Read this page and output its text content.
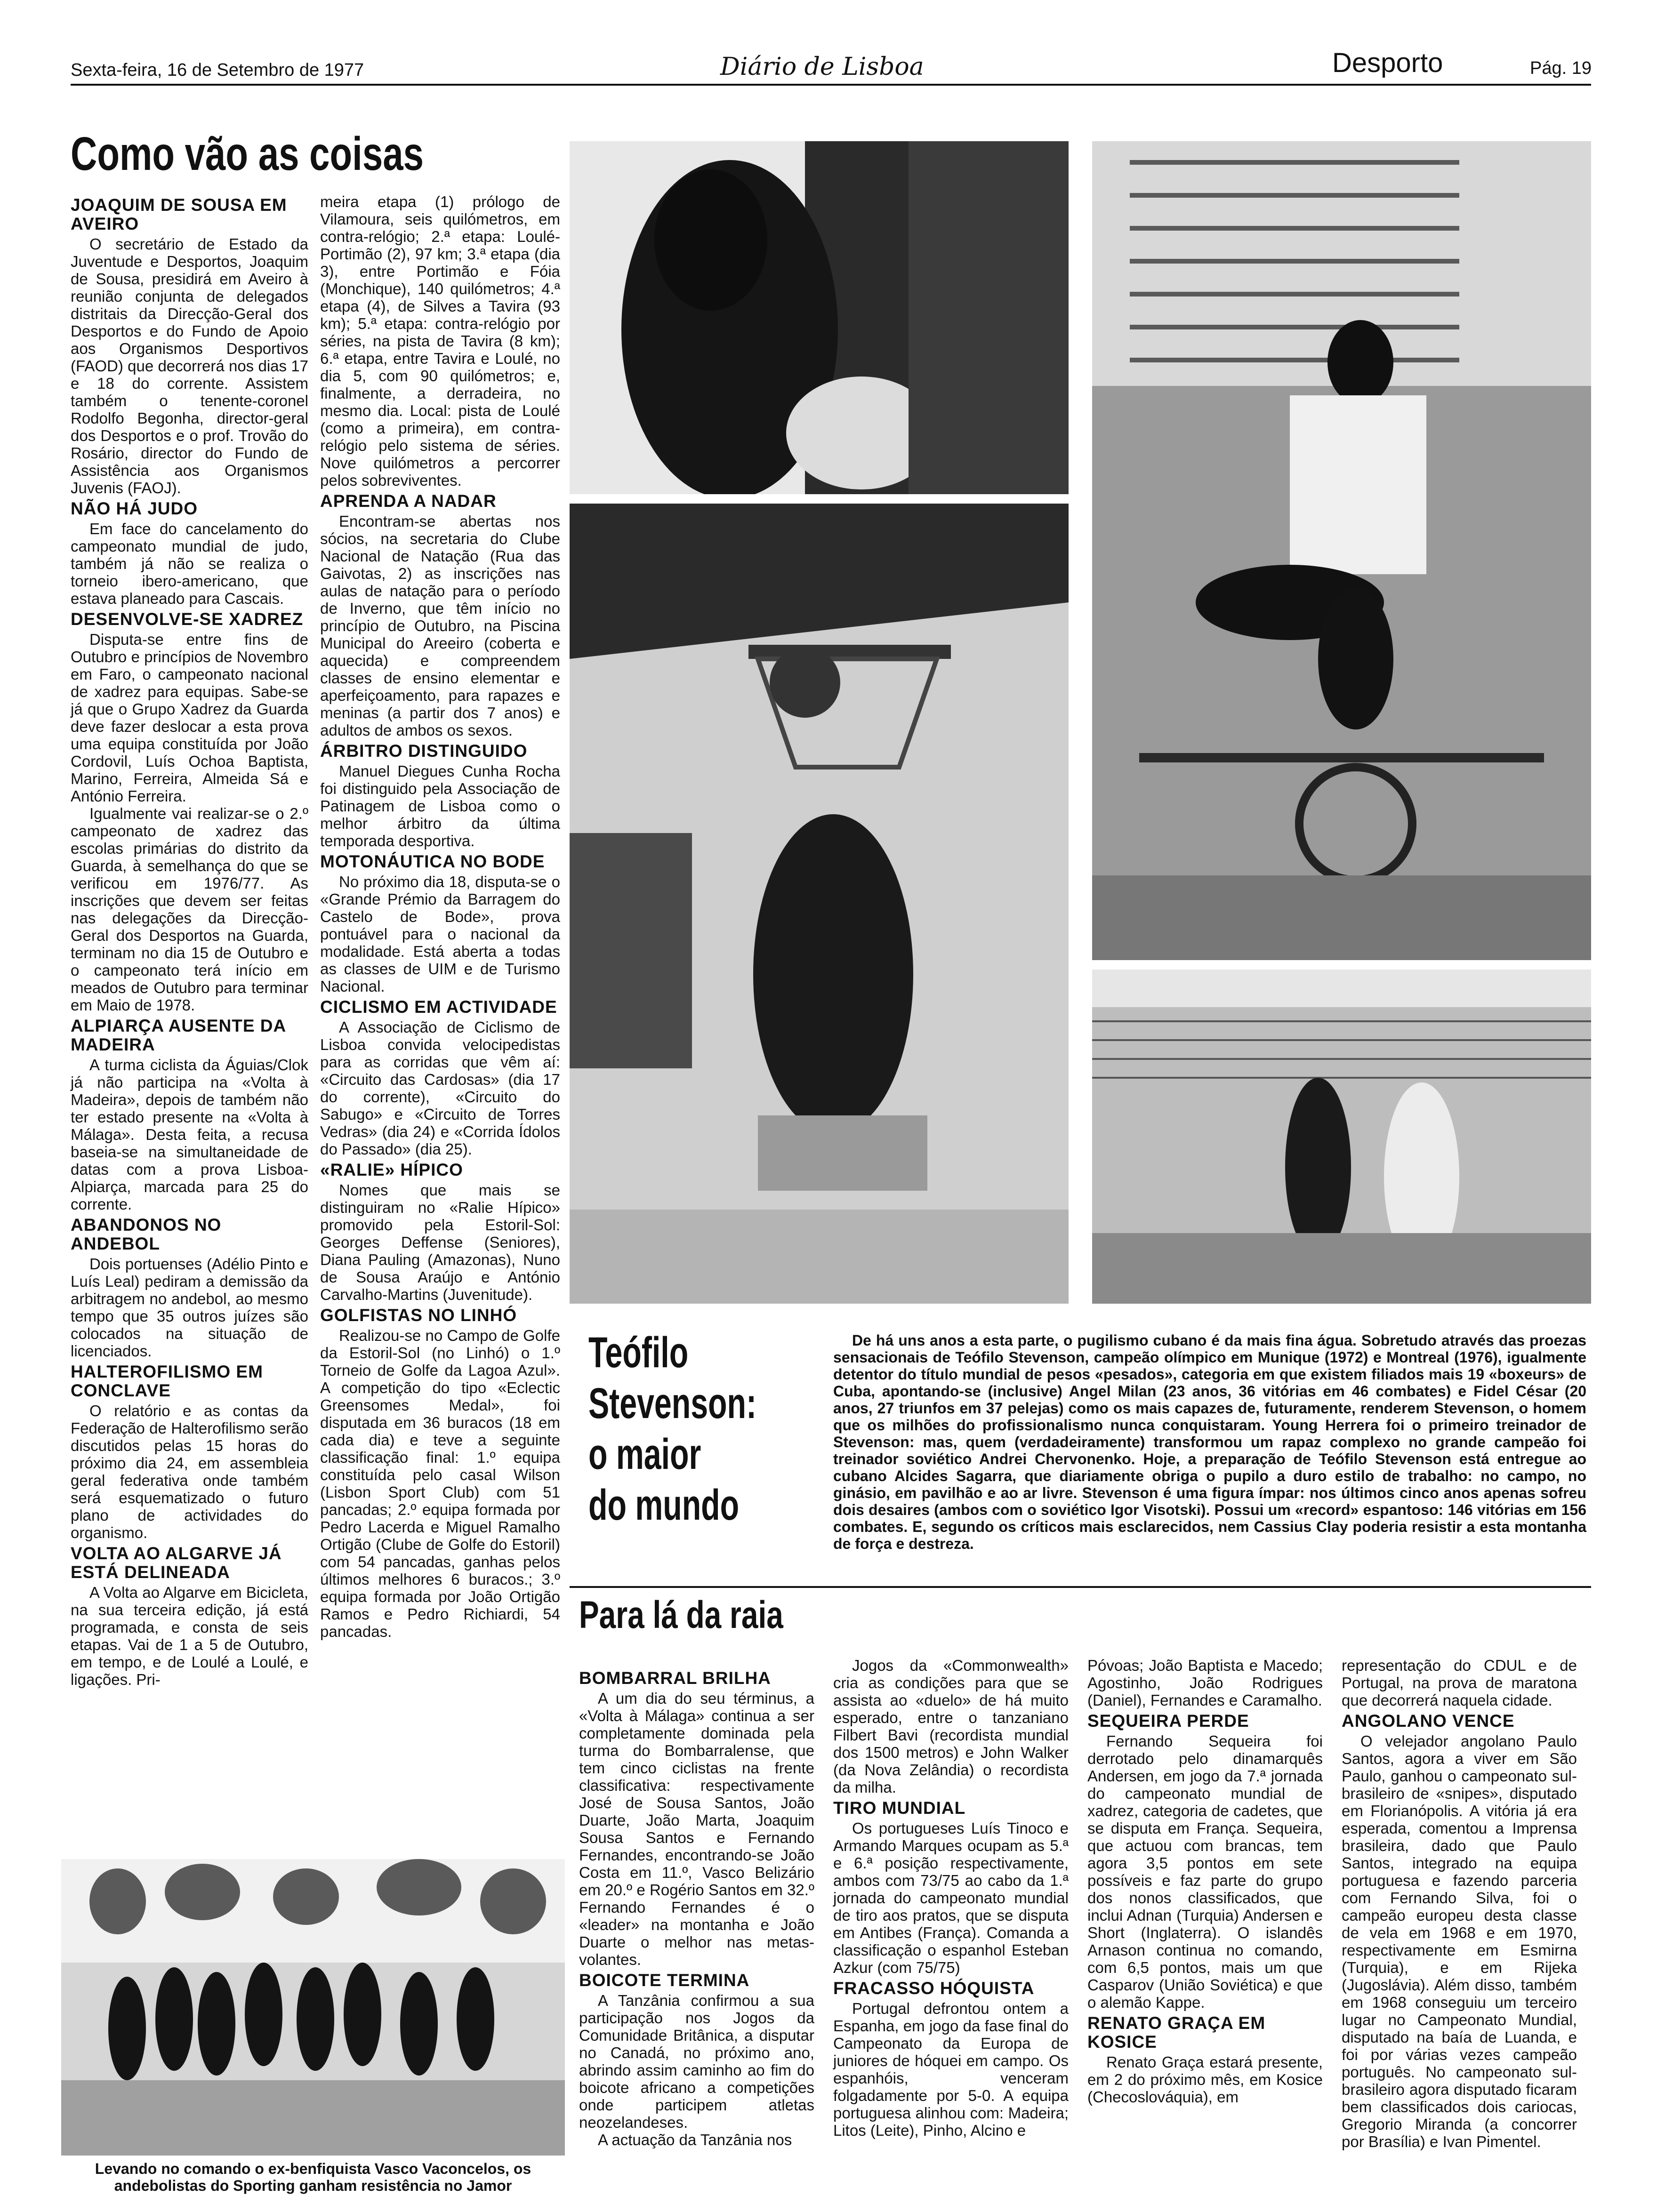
Sexta-feira, 16 de Setembro de 1977	Diário de Lisboa	Desporto	Pág. 19
Como vão as coisas
JOAQUIM DE SOUSA EM AVEIRO

O secretário de Estado da Juventude e Desportos, Joaquim de Sousa, presidirá em Aveiro à reunião conjunta de delegados distritais da Direcção-Geral dos Desportos e do Fundo de Apoio aos Organismos Desportivos (FAOD) que decorrerá nos dias 17 e 18 do corrente. Assistem também o tenente-coronel Rodolfo Begonha, director-geral dos Desportos e o prof. Trovão do Rosário, director do Fundo de Assistência aos Organismos Juvenis (FAOJ).

NÃO HÁ JUDO

Em face do cancelamento do campeonato mundial de judo, também já não se realiza o torneio ibero-americano, que estava planeado para Cascais.

DESENVOLVE-SE XADREZ

Disputa-se entre fins de Outubro e princípios de Novembro em Faro, o campeonato nacional de xadrez para equipas. Sabe-se já que o Grupo Xadrez da Guarda deve fazer deslocar a esta prova uma equipa constituída por João Cordovil, Luís Ochoa Baptista, Marino, Ferreira, Almeida Sá e António Ferreira.

Igualmente vai realizar-se o 2.º campeonato de xadrez das escolas primárias do distrito da Guarda, à semelhança do que se verificou em 1976/77. As inscrições que devem ser feitas nas delegações da Direcção-Geral dos Desportos na Guarda, terminam no dia 15 de Outubro e o campeonato terá início em meados de Outubro para terminar em Maio de 1978.

ALPIARÇA AUSENTE DA MADEIRA

A turma ciclista da Águias/Clok já não participa na «Volta à Madeira», depois de também não ter estado presente na «Volta à Málaga». Desta feita, a recusa baseia-se na simultaneidade de datas com a prova Lisboa-Alpiarça, marcada para 25 do corrente.

ABANDONOS NO ANDEBOL

Dois portuenses (Adélio Pinto e Luís Leal) pediram a demissão da arbitragem no andebol, ao mesmo tempo que 35 outros juízes são colocados na situação de licenciados.

HALTEROFILISMO EM CONCLAVE

O relatório e as contas da Federação de Halterofilismo serão discutidos pelas 15 horas do próximo dia 24, em assembleia geral federativa onde também será esquematizado o futuro plano de actividades do organismo.

VOLTA AO ALGARVE JÁ ESTÁ DELINEADA

A Volta ao Algarve em Bicicleta, na sua terceira edição, já está programada, e consta de seis etapas. Vai de 1 a 5 de Outubro, em tempo, e de Loulé a Loulé, e ligações. Pri-

meira etapa (1) prólogo de Vilamoura, seis quilómetros, em contra-relógio; 2.ª etapa: Loulé-Portimão (2), 97 km; 3.ª etapa (dia 3), entre Portimão e Fóia (Monchique), 140 quilómetros; 4.ª etapa (4), de Silves a Tavira (93 km); 5.ª etapa: contra-relógio por séries, na pista de Tavira (8 km); 6.ª etapa, entre Tavira e Loulé, no dia 5, com 90 quilómetros; e, finalmente, a derradeira, no mesmo dia. Local: pista de Loulé (como a primeira), em contra-relógio pelo sistema de séries. Nove quilómetros a percorrer pelos sobreviventes.

APRENDA A NADAR

Encontram-se abertas nos sócios, na secretaria do Clube Nacional de Natação (Rua das Gaivotas, 2) as inscrições nas aulas de natação para o período de Inverno, que têm início no princípio de Outubro, na Piscina Municipal do Areeiro (coberta e aquecida) e compreendem classes de ensino elementar e aperfeiçoamento, para rapazes e meninas (a partir dos 7 anos) e adultos de ambos os sexos.

ÁRBITRO DISTINGUIDO

Manuel Diegues Cunha Rocha foi distinguido pela Associação de Patinagem de Lisboa como o melhor árbitro da última temporada desportiva.

MOTONÁUTICA NO BODE

No próximo dia 18, disputa-se o «Grande Prémio da Barragem do Castelo de Bode», prova pontuável para o nacional da modalidade. Está aberta a todas as classes de UIM e de Turismo Nacional.

CICLISMO EM ACTIVIDADE

A Associação de Ciclismo de Lisboa convida velocipedistas para as corridas que vêm aí: «Circuito das Cardosas» (dia 17 do corrente), «Circuito do Sabugo» e «Circuito de Torres Vedras» (dia 24) e «Corrida Ídolos do Passado» (dia 25).

«RALIE» HÍPICO

Nomes que mais se distinguiram no «Ralie Hípico» promovido pela Estoril-Sol: Georges Deffense (Seniores), Diana Pauling (Amazonas), Nuno de Sousa Araújo e António Carvalho-Martins (Juvenitude).

GOLFISTAS NO LINHÓ

Realizou-se no Campo de Golfe da Estoril-Sol (no Linhó) o 1.º Torneio de Golfe da Lagoa Azul». A competição do tipo «Eclectic Greensomes Medal», foi disputada em 36 buracos (18 em cada dia) e teve a seguinte classificação final: 1.º equipa constituída pelo casal Wilson (Lisbon Sport Club) com 51 pancadas; 2.º equipa formada por Pedro Lacerda e Miguel Ramalho Ortigão (Clube de Golfe do Estoril) com 54 pancadas, ganhas pelos últimos melhores 6 buracos.; 3.º equipa formada por João Ortigão Ramos e Pedro Richiardi, 54 pancadas.

Teófilo
Stevenson:
o maior
do mundo

De há uns anos a esta parte, o pugilismo cubano é da mais fina água. Sobretudo através das proezas sensacionais de Teófilo Stevenson, campeão olímpico em Munique (1972) e Montreal (1976), igualmente detentor do título mundial de pesos «pesados», categoria em que existem filiados mais 19 «boxeurs» de Cuba, apontando-se (inclusive) Angel Milan (23 anos, 36 vitórias em 46 combates) e Fidel César (20 anos, 27 triunfos em 37 pelejas) como os mais capazes de, futuramente, renderem Stevenson, o homem que os milhões do profissionalismo nunca conquistaram. Young Herrera foi o primeiro treinador de Stevenson: mas, quem (verdadeiramente) transformou um rapaz complexo no grande campeão foi treinador soviético Andrei Chervonenko. Hoje, a preparação de Teófilo Stevenson está entregue ao cubano Alcides Sagarra, que diariamente obriga o pupilo a duro estilo de trabalho: no campo, no ginásio, em pavilhão e ao ar livre. Stevenson é uma figura ímpar: nos últimos cinco anos apenas sofreu dois desaires (ambos com o soviético Igor Visotski). Possui um «record» espantoso: 146 vitórias em 156 combates. E, segundo os críticos mais esclarecidos, nem Cassius Clay poderia resistir a esta montanha de força e destreza.

Para lá da raia
BOMBARRAL BRILHA

A um dia do seu términus, a «Volta à Málaga» continua a ser completamente dominada pela turma do Bombarralense, que tem cinco ciclistas na frente classificativa: respectivamente José de Sousa Santos, João Duarte, João Marta, Joaquim Sousa Santos e Fernando Fernandes, encontrando-se João Costa em 11.º, Vasco Belizário em 20.º e Rogério Santos em 32.º Fernando Fernandes é o «leader» na montanha e João Duarte o melhor nas metas-volantes.

BOICOTE TERMINA

A Tanzânia confirmou a sua participação nos Jogos da Comunidade Britânica, a disputar no Canadá, no próximo ano, abrindo assim caminho ao fim do boicote africano a competições onde participem atletas neozelandeses.

A actuação da Tanzânia nos

Jogos da «Commonwealth» cria as condições para que se assista ao «duelo» de há muito esperado, entre o tanzaniano Filbert Bavi (recordista mundial dos 1500 metros) e John Walker (da Nova Zelândia) o recordista da milha.

TIRO MUNDIAL

Os portugueses Luís Tinoco e Armando Marques ocupam as 5.ª e 6.ª posição respectivamente, ambos com 73/75 ao cabo da 1.ª jornada do campeonato mundial de tiro aos pratos, que se disputa em Antibes (França). Comanda a classificação o espanhol Esteban Azkur (com 75/75)

FRACASSO HÓQUISTA

Portugal defrontou ontem a Espanha, em jogo da fase final do Campeonato da Europa de juniores de hóquei em campo. Os espanhóis, venceram folgadamente por 5-0. A equipa portuguesa alinhou com: Madeira; Litos (Leite), Pinho, Alcino e

Póvoas; João Baptista e Macedo; Agostinho, João Rodrigues (Daniel), Fernandes e Caramalho.

SEQUEIRA PERDE

Fernando Sequeira foi derrotado pelo dinamarquês Andersen, em jogo da 7.ª jornada do campeonato mundial de xadrez, categoria de cadetes, que se disputa em França. Sequeira, que actuou com brancas, tem agora 3,5 pontos em sete possíveis e faz parte do grupo dos nonos classificados, que inclui Adnan (Turquia) Andersen e Short (Inglaterra). O islandês Arnason continua no comando, com 6,5 pontos, mais um que Casparov (União Soviética) e que o alemão Kappe.

RENATO GRAÇA EM KOSICE

Renato Graça estará presente, em 2 do próximo mês, em Kosice (Checoslováquia), em

representação do CDUL e de Portugal, na prova de maratona que decorrerá naquela cidade.

ANGOLANO VENCE

O velejador angolano Paulo Santos, agora a viver em São Paulo, ganhou o campeonato sul-brasileiro de «snipes», disputado em Florianópolis. A vitória já era esperada, comentou a Imprensa brasileira, dado que Paulo Santos, integrado na equipa portuguesa e fazendo parceria com Fernando Silva, foi o campeão europeu desta classe de vela em 1968 e em 1970, respectivamente em Esmirna (Turquia), e em Rijeka (Jugoslávia). Além disso, também em 1968 conseguiu um terceiro lugar no Campeonato Mundial, disputado na baía de Luanda, e foi por várias vezes campeão português. No campeonato sul-brasileiro agora disputado ficaram bem classificados dois cariocas, Gregorio Miranda (a concorrer por Brasília) e Ivan Pimentel.

Levando no comando o ex-benfiquista Vasco Vaconcelos, os andebolistas do Sporting ganham resistência no Jamor
